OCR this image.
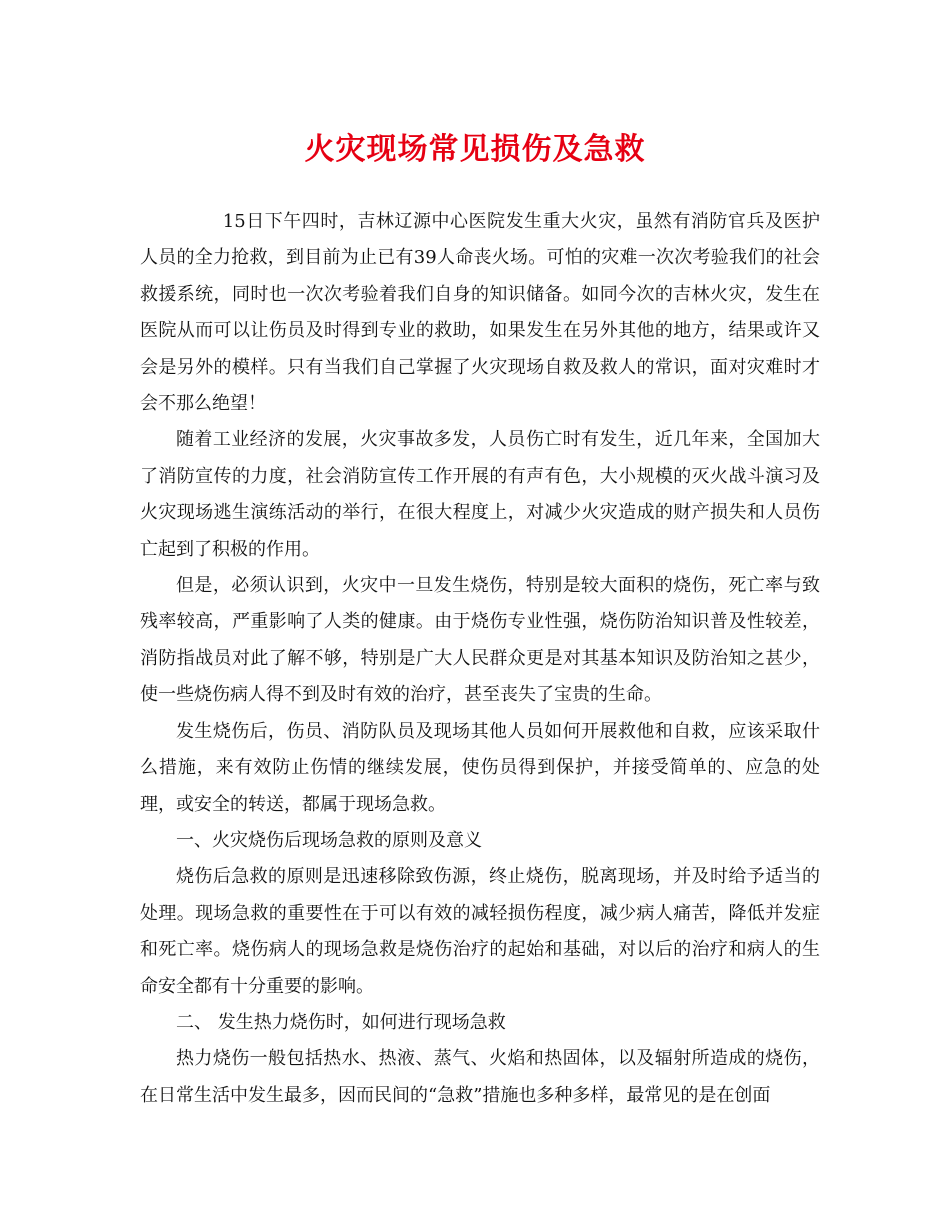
火灾现场常见损伤及急救

15日下午四时，吉林辽源中心医院发生重大火灾，虽然有消防官兵及医护人员的全力抢救，到目前为止已有39人命丧火场。可怕的灾难一次次考验我们的社会救援系统，同时也一次次考验着我们自身的知识储备。如同今次的吉林火灾，发生在医院从而可以让伤员及时得到专业的救助，如果发生在另外其他的地方，结果或许又会是另外的模样。只有当我们自己掌握了火灾现场自救及救人的常识，面对灾难时才会不那么绝望！

随着工业经济的发展，火灾事故多发，人员伤亡时有发生，近几年来，全国加大了消防宣传的力度，社会消防宣传工作开展的有声有色，大小规模的灭火战斗演习及火灾现场逃生演练活动的举行，在很大程度上，对减少火灾造成的财产损失和人员伤亡起到了积极的作用。

但是，必须认识到，火灾中一旦发生烧伤，特别是较大面积的烧伤，死亡率与致残率较高，严重影响了人类的健康。由于烧伤专业性强，烧伤防治知识普及性较差，消防指战员对此了解不够，特别是广大人民群众更是对其基本知识及防治知之甚少，使一些烧伤病人得不到及时有效的治疗，甚至丧失了宝贵的生命。

发生烧伤后，伤员、消防队员及现场其他人员如何开展救他和自救，应该采取什么措施，来有效防止伤情的继续发展，使伤员得到保护，并接受简单的、应急的处理，或安全的转送，都属于现场急救。

一、火灾烧伤后现场急救的原则及意义

烧伤后急救的原则是迅速移除致伤源，终止烧伤，脱离现场，并及时给予适当的处理。现场急救的重要性在于可以有效的减轻损伤程度，减少病人痛苦，降低并发症和死亡率。烧伤病人的现场急救是烧伤治疗的起始和基础，对以后的治疗和病人的生命安全都有十分重要的影响。

二、 发生热力烧伤时，如何进行现场急救

热力烧伤一般包括热水、热液、蒸气、火焰和热固体，以及辐射所造成的烧伤，在日常生活中发生最多，因而民间的“急救”措施也多种多样，最常见的是在创面
